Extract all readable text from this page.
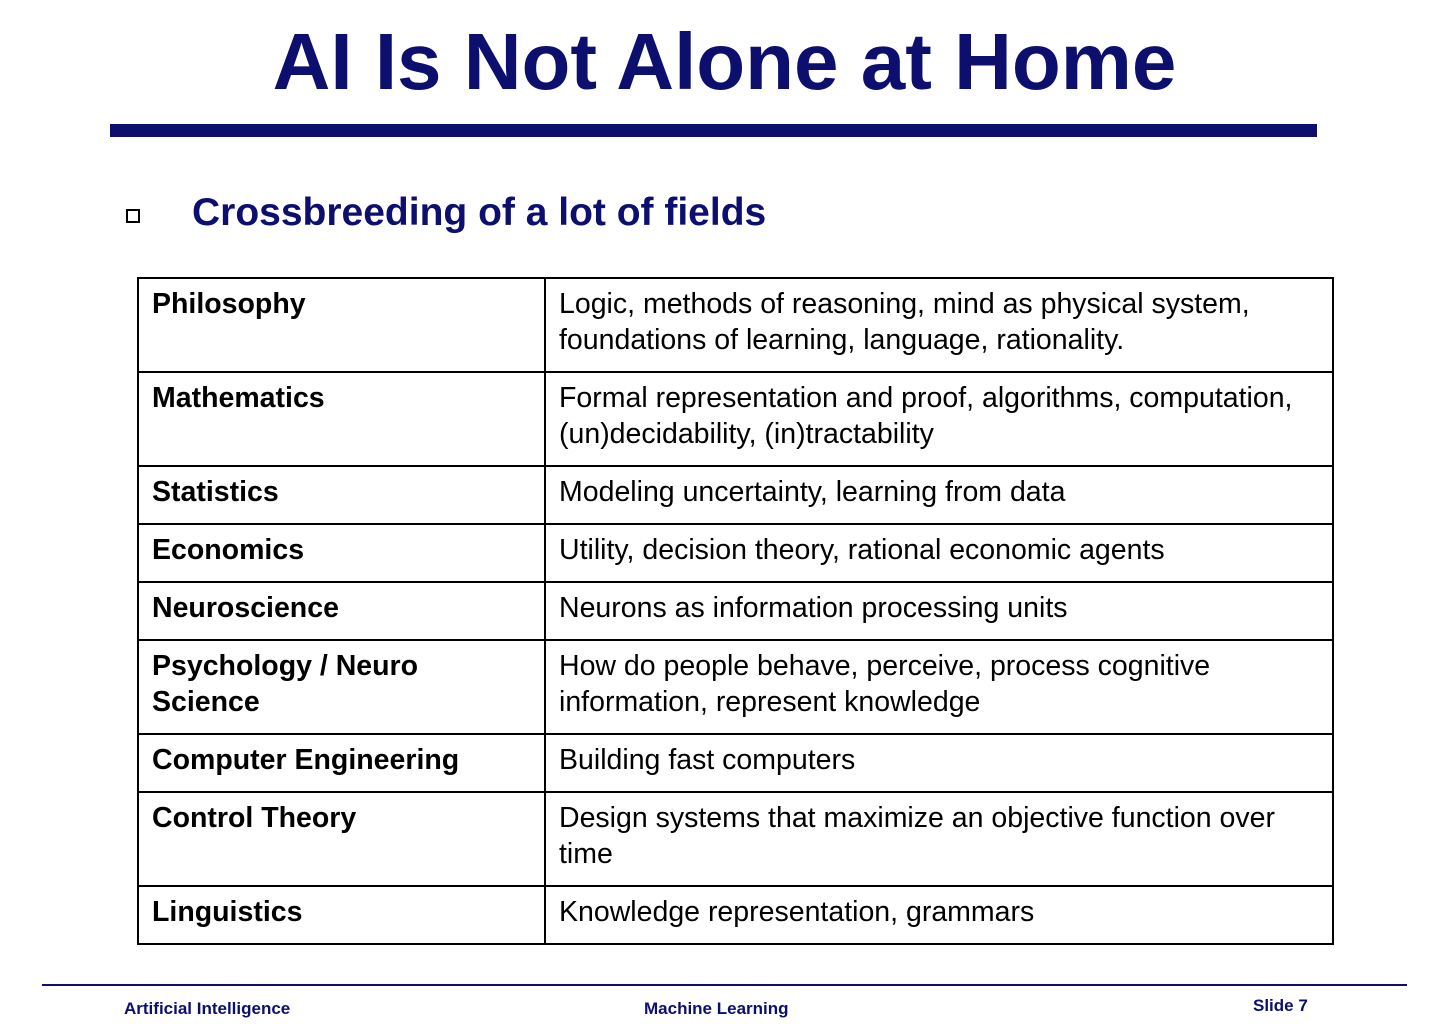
AI Is Not Alone at Home
Crossbreeding of a lot of fields
Philosophy	Logic, methods of reasoning, mind as physical system, foundations of learning, language, rationality.
Mathematics	Formal representation and proof, algorithms, computation, (un)decidability, (in)tractability
Statistics	Modeling uncertainty, learning from data
Economics	Utility, decision theory, rational economic agents
Neuroscience	Neurons as information processing units
Psychology / Neuro Science	How do people behave, perceive, process cognitive information, represent knowledge
Computer Engineering	Building fast computers
Control Theory	Design systems that maximize an objective function over time
Linguistics	Knowledge representation, grammars
Artificial Intelligence	Machine Learning	Slide 7
